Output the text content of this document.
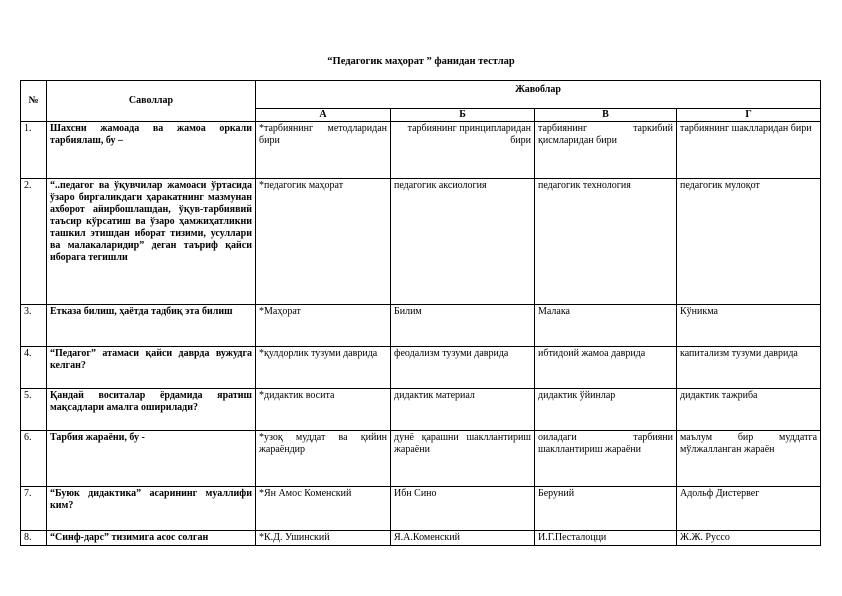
“Педагогик маҳорат ” фанидан тестлар
№	Саволлар	Жавоблар			
		А	Б	В	Г
1.	Шахсни жамоада ва жамоа оркали тарбиялаш, бу –	*тарбиянинг методларидан бири	тарбиянинг принципларидан бири	тарбиянинг таркибий қисмларидан бири	тарбиянинг шаклларидан бири
2.	“..педагог ва ўқувчилар жамоаси ўртасида ўзаро биргаликдаги ҳаракатнинг мазмунан ахборот айирбошлашдан, ўқув-тарбиявий таъсир кўрсатиш ва ўзаро ҳамжиҳатликни ташкил этишдан иборат тизими, усуллари ва малакаларидир” деган таъриф қайси иборага тегишли	*педагогик маҳорат	педагогик аксиология	педагогик технология	педагогик мулоқот
3.	Етказа билиш, ҳаётда тадбиқ эта билиш	*Маҳорат	Билим	Малака	Кўникма
4.	“Педагог” атамаси қайси даврда вужудга келган?	*қулдорлик тузуми даврида	феодализм тузуми даврида	ибтидоий жамоа даврида	капитализм тузуми даврида
5.	Қандай воситалар ёрдамида яратиш мақсадлари амалга оширилади?	*дидактик восита	дидактик материал	дидактик ўйинлар	дидактик тажриба
6.	Тарбия жараёни, бу -	*узоқ муддат ва қийин жараёндир	дунё қарашни шакллантириш жараёни	оиладаги тарбияни шакллантириш жараёни	маълум бир муддатга мўлжалланган жараён
7.	“Буюк дидактика” асарининг муаллифи ким?	*Ян Амос Коменский	Ибн Сино	Беруний	Адольф Дистервег
8.	“Синф-дарс” тизимига асос солган	*К.Д. Ушинский	Я.А.Коменский	И.Г.Песталоцци	Ж.Ж. Руссо
